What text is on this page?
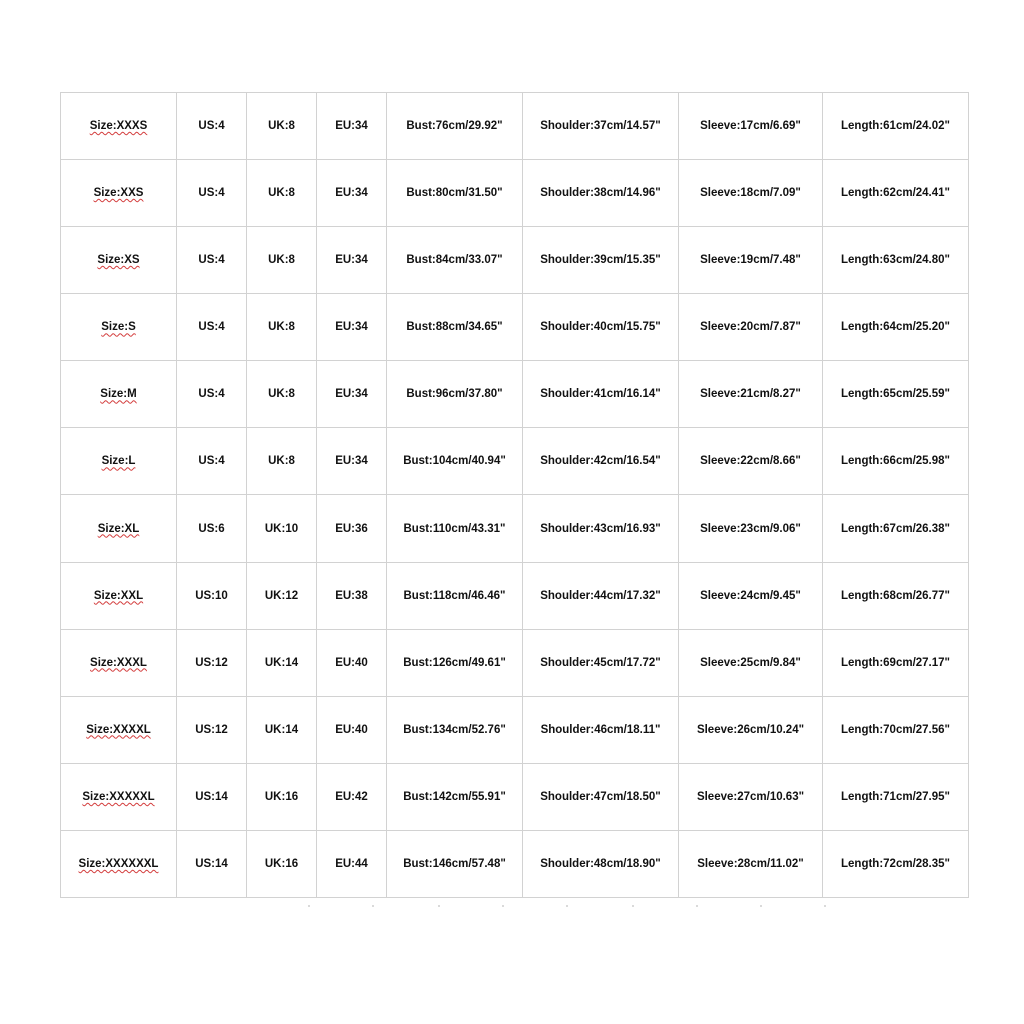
Size:XXXS	US:4	UK:8	EU:34	Bust:76cm/29.92"	Shoulder:37cm/14.57"	Sleeve:17cm/6.69"	Length:61cm/24.02"
Size:XXS	US:4	UK:8	EU:34	Bust:80cm/31.50"	Shoulder:38cm/14.96"	Sleeve:18cm/7.09"	Length:62cm/24.41"
Size:XS	US:4	UK:8	EU:34	Bust:84cm/33.07"	Shoulder:39cm/15.35"	Sleeve:19cm/7.48"	Length:63cm/24.80"
Size:S	US:4	UK:8	EU:34	Bust:88cm/34.65"	Shoulder:40cm/15.75"	Sleeve:20cm/7.87"	Length:64cm/25.20"
Size:M	US:4	UK:8	EU:34	Bust:96cm/37.80"	Shoulder:41cm/16.14"	Sleeve:21cm/8.27"	Length:65cm/25.59"
Size:L	US:4	UK:8	EU:34	Bust:104cm/40.94"	Shoulder:42cm/16.54"	Sleeve:22cm/8.66"	Length:66cm/25.98"
Size:XL	US:6	UK:10	EU:36	Bust:110cm/43.31"	Shoulder:43cm/16.93"	Sleeve:23cm/9.06"	Length:67cm/26.38"
Size:XXL	US:10	UK:12	EU:38	Bust:118cm/46.46"	Shoulder:44cm/17.32"	Sleeve:24cm/9.45"	Length:68cm/26.77"
Size:XXXL	US:12	UK:14	EU:40	Bust:126cm/49.61"	Shoulder:45cm/17.72"	Sleeve:25cm/9.84"	Length:69cm/27.17"
Size:XXXXL	US:12	UK:14	EU:40	Bust:134cm/52.76"	Shoulder:46cm/18.11"	Sleeve:26cm/10.24"	Length:70cm/27.56"
Size:XXXXXL	US:14	UK:16	EU:42	Bust:142cm/55.91"	Shoulder:47cm/18.50"	Sleeve:27cm/10.63"	Length:71cm/27.95"
Size:XXXXXXL	US:14	UK:16	EU:44	Bust:146cm/57.48"	Shoulder:48cm/18.90"	Sleeve:28cm/11.02"	Length:72cm/28.35"
